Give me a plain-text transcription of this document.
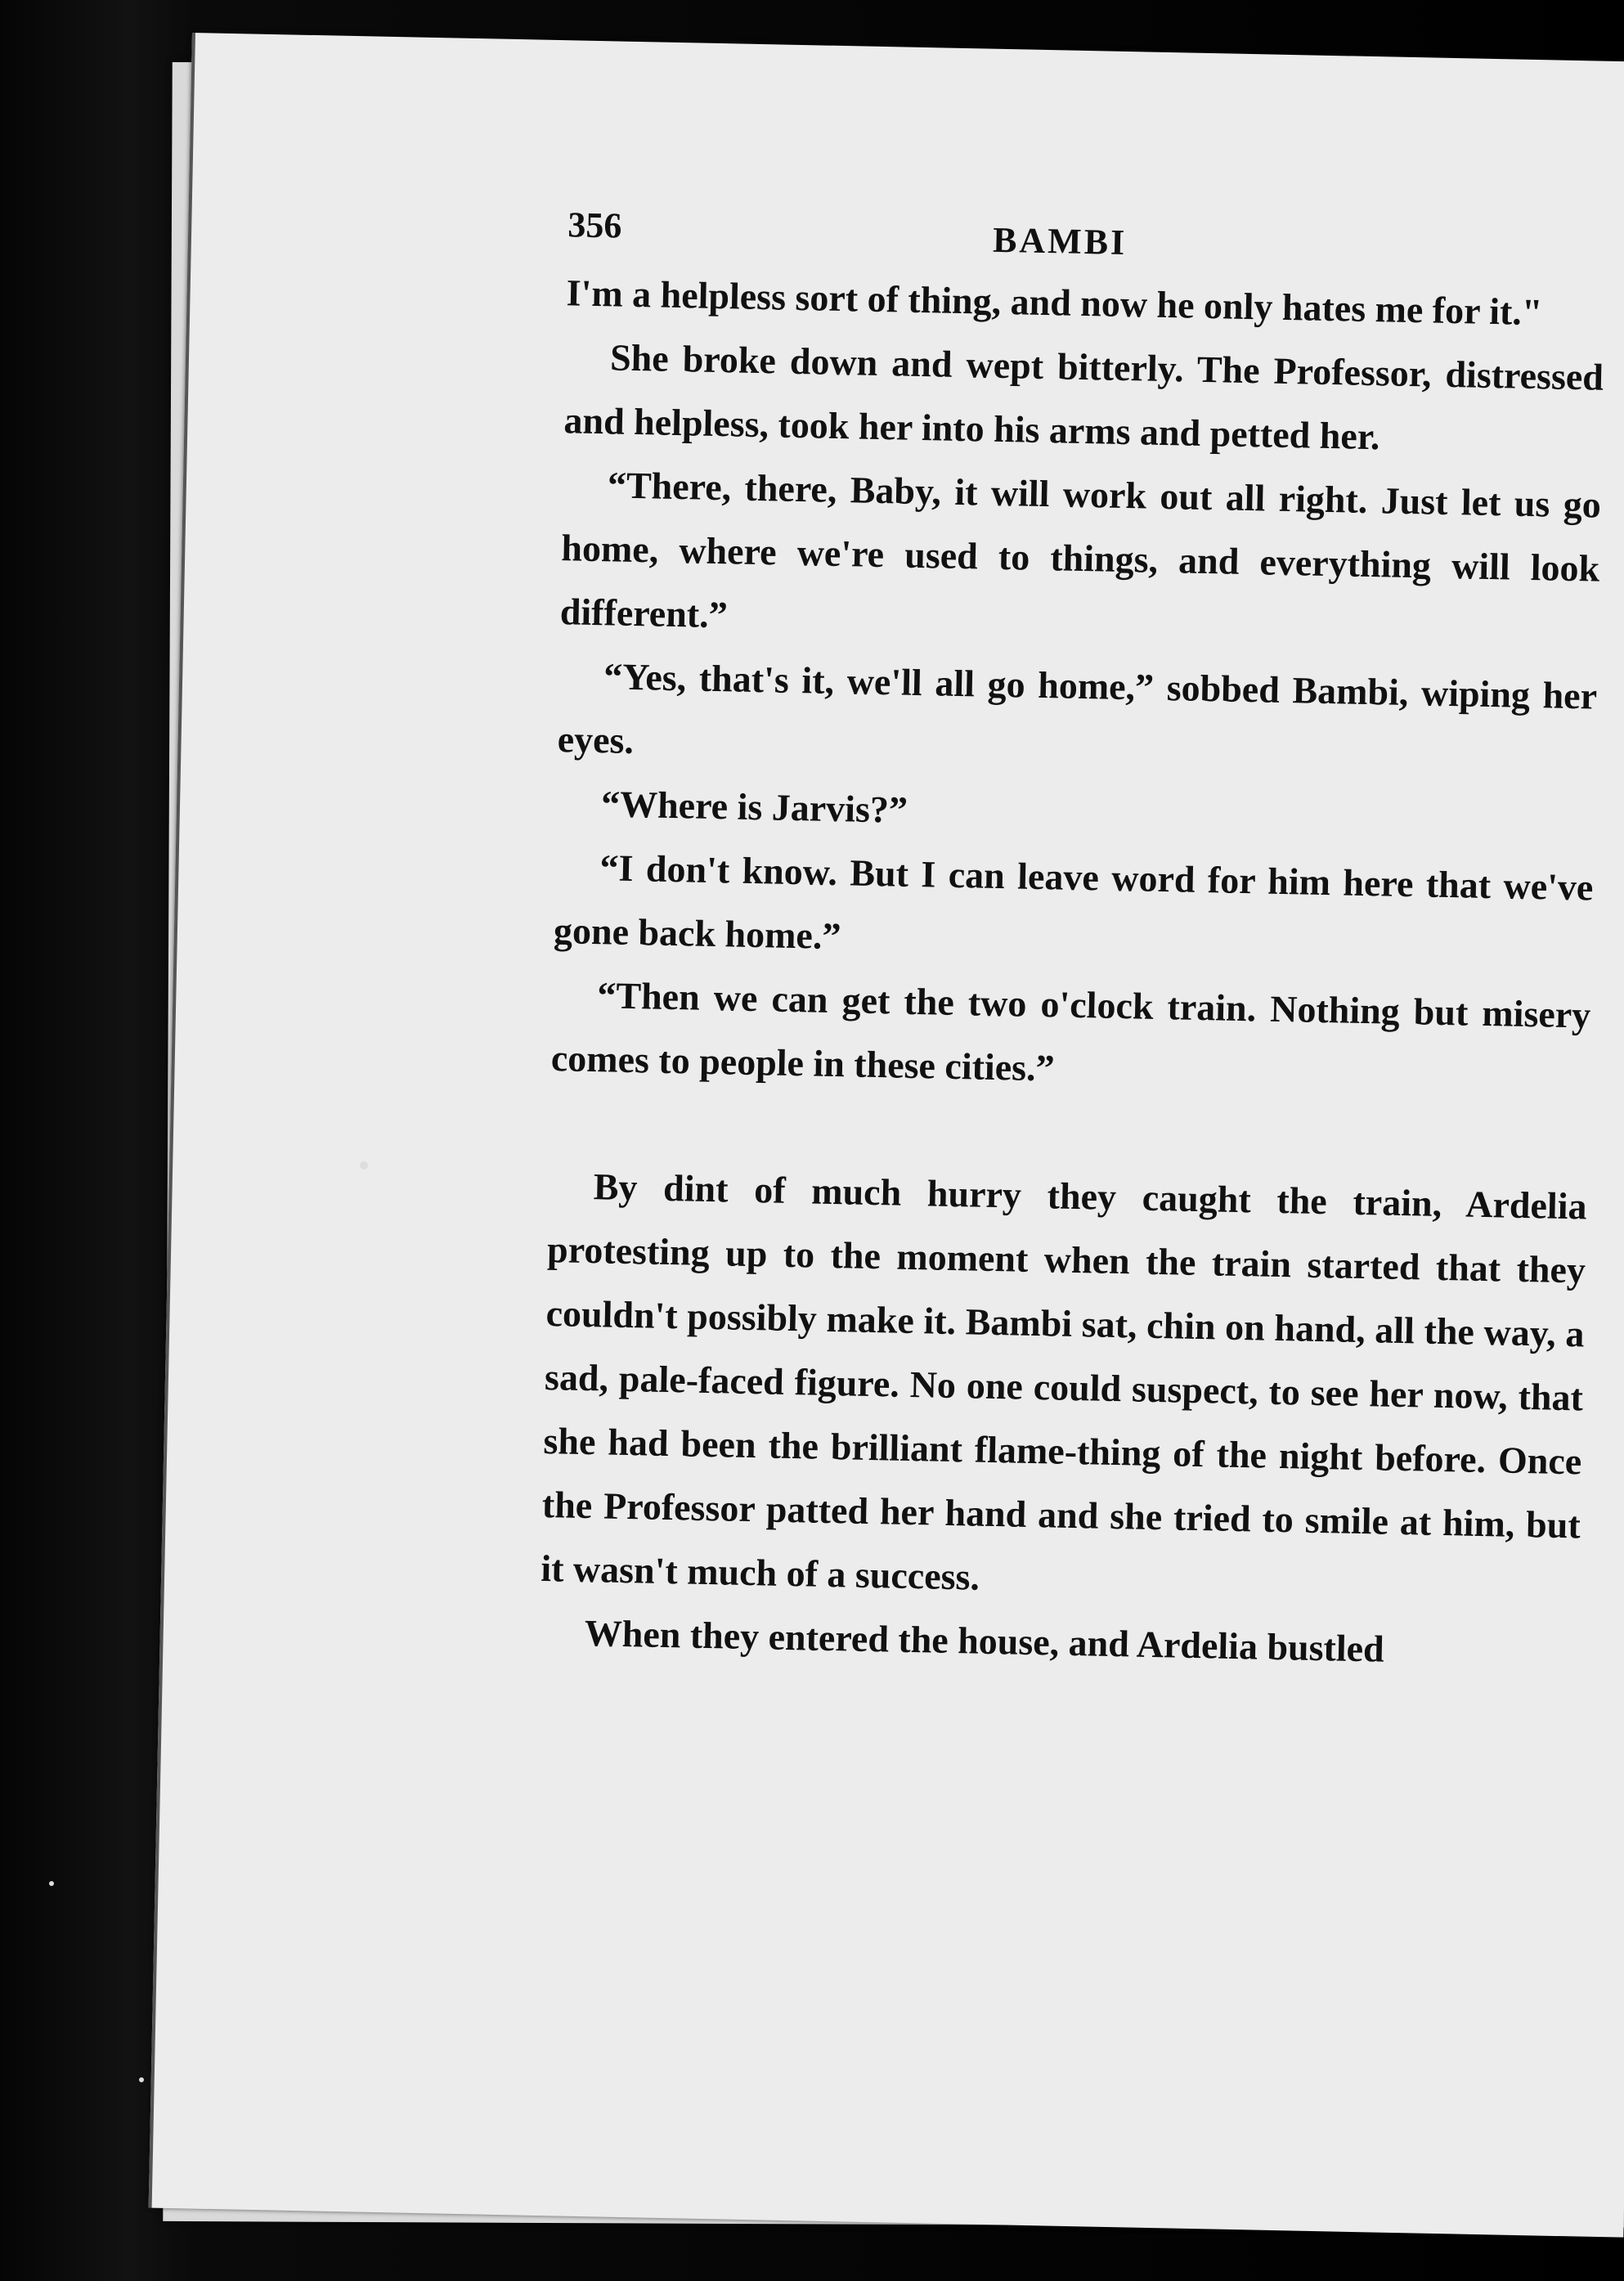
356	BAMBI

I'm a helpless sort of thing, and now he only hates me for it."

She broke down and wept bitterly. The Professor, distressed and helpless, took her into his arms and petted her.

“There, there, Baby, it will work out all right. Just let us go home, where we're used to things, and everything will look different.”

“Yes, that's it, we'll all go home,” sobbed Bambi, wiping her eyes.

“Where is Jarvis?”

“I don't know. But I can leave word for him here that we've gone back home.”

“Then we can get the two o'clock train. Nothing but misery comes to people in these cities.”

By dint of much hurry they caught the train, Ardelia protesting up to the moment when the train started that they couldn't possibly make it. Bambi sat, chin on hand, all the way, a sad, pale-faced figure. No one could suspect, to see her now, that she had been the brilliant flame-thing of the night before. Once the Professor patted her hand and she tried to smile at him, but it wasn't much of a success.

When they entered the house, and Ardelia bustled
